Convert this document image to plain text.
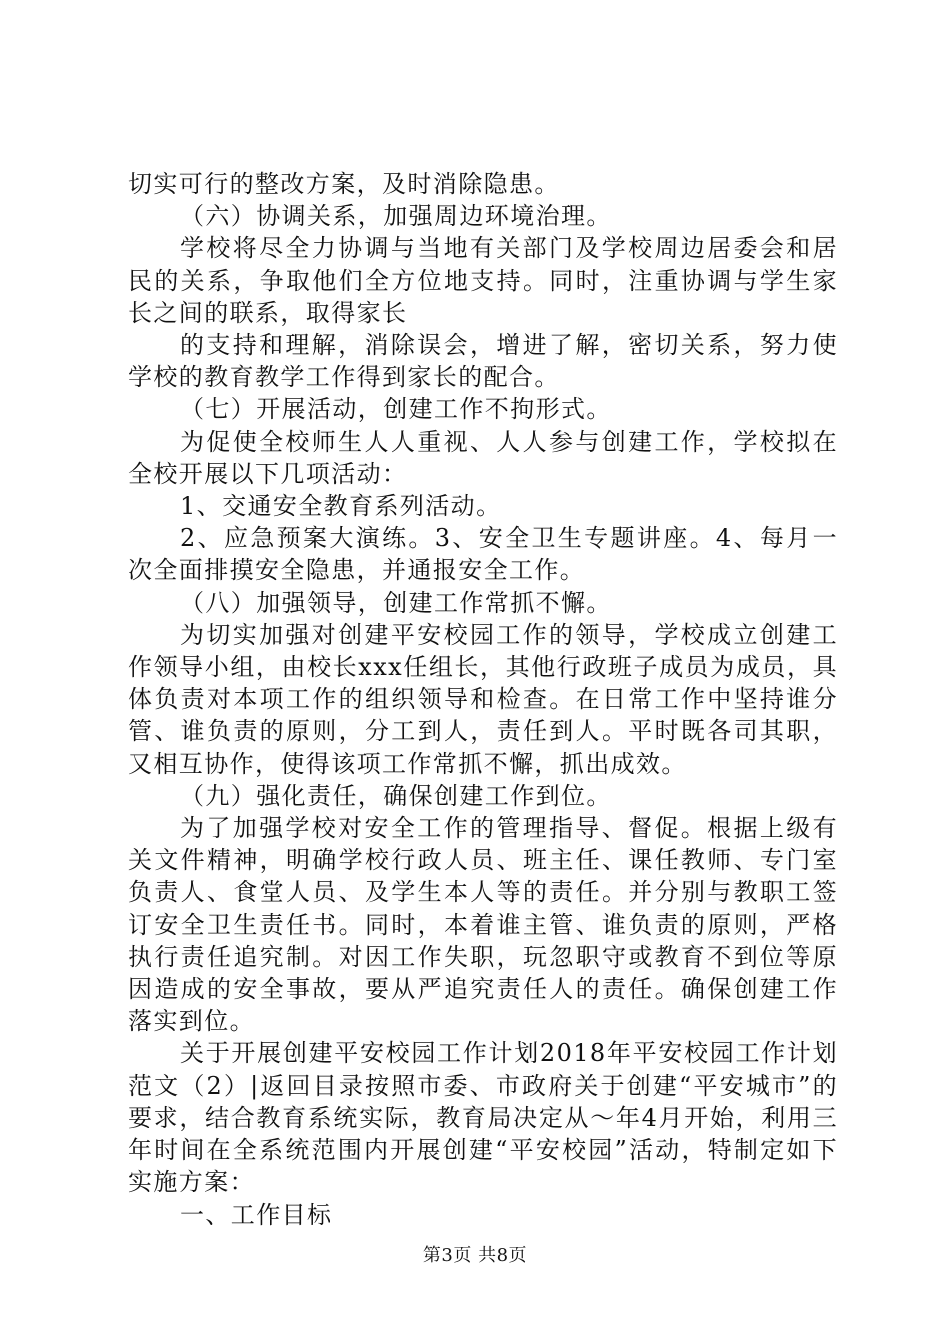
切实可行的整改方案，及时消除隐患。

（六）协调关系，加强周边环境治理。

学校将尽全力协调与当地有关部门及学校周边居委会和居民的关系，争取他们全方位地支持。同时，注重协调与学生家长之间的联系，取得家长

的支持和理解，消除误会，增进了解，密切关系，努力使学校的教育教学工作得到家长的配合。

（七）开展活动，创建工作不拘形式。

为促使全校师生人人重视、人人参与创建工作，学校拟在全校开展以下几项活动：

1、交通安全教育系列活动。

2、应急预案大演练。3、安全卫生专题讲座。4、每月一次全面排摸安全隐患，并通报安全工作。

（八）加强领导，创建工作常抓不懈。

为切实加强对创建平安校园工作的领导，学校成立创建工作领导小组，由校长xxx任组长，其他行政班子成员为成员，具体负责对本项工作的组织领导和检查。在日常工作中坚持谁分管、谁负责的原则，分工到人，责任到人。平时既各司其职，又相互协作，使得该项工作常抓不懈，抓出成效。

（九）强化责任，确保创建工作到位。

为了加强学校对安全工作的管理指导、督促。根据上级有关文件精神，明确学校行政人员、班主任、课任教师、专门室负责人、食堂人员、及学生本人等的责任。并分别与教职工签订安全卫生责任书。同时，本着谁主管、谁负责的原则，严格执行责任追究制。对因工作失职，玩忽职守或教育不到位等原因造成的安全事故，要从严追究责任人的责任。确保创建工作落实到位。

关于开展创建平安校园工作计划2018年平安校园工作计划范文（2）|返回目录按照市委、市政府关于创建“平安城市”的要求，结合教育系统实际，教育局决定从～年4月开始，利用三年时间在全系统范围内开展创建“平安校园”活动，特制定如下实施方案：

一、工作目标

第3页 共8页
